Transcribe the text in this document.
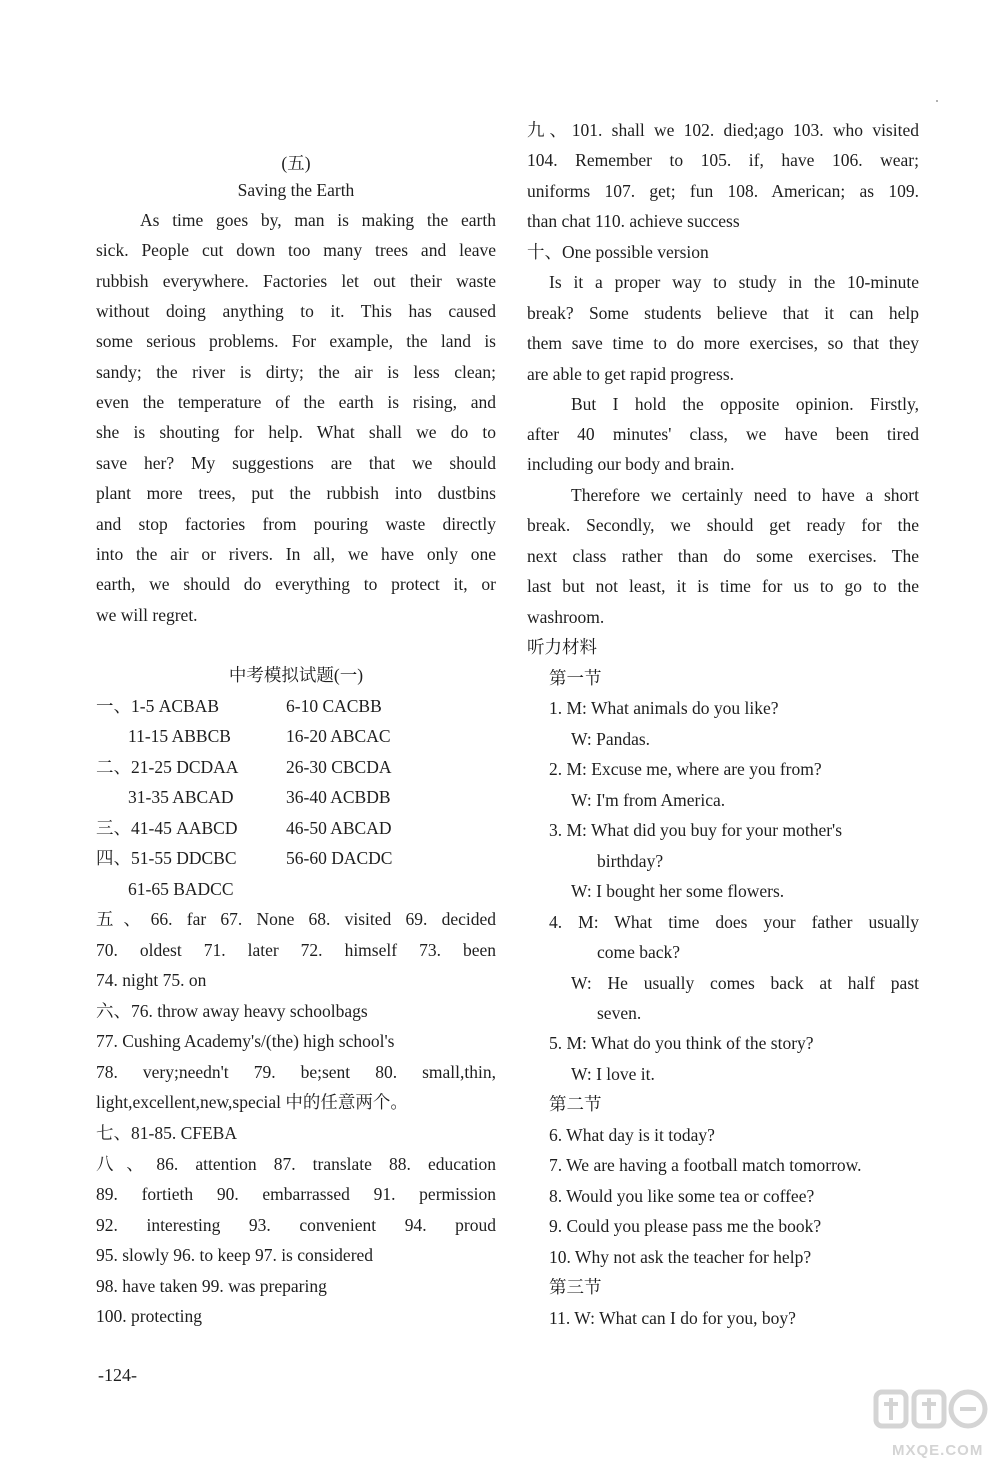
(五)
Saving the Earth
As time goes by, man is making the earth
sick. People cut down too many trees and leave
rubbish everywhere. Factories let out their waste
without doing anything to it. This has caused
some serious problems. For example, the land is
sandy; the river is dirty; the air is less clean;
even the temperature of the earth is rising, and
she is shouting for help. What shall we do to
save her? My suggestions are that we should
plant more trees, put the rubbish into dustbins
and stop factories from pouring waste directly
into the air or rivers. In all, we have only one
earth, we should do everything to protect it, or
we will regret.
中考模拟试题(一)
一、1-5 ACBAB	6-10 CACBB
11-15 ABBCB	16-20 ABCAC
二、21-25 DCDAA	26-30 CBCDA
31-35 ABCAD	36-40 ACBDB
三、41-45 AABCD	46-50 ABCAD
四、51-55 DDCBC	56-60 DACDC
61-65 BADCC
五、66. far 67. None 68. visited 69. decided
70. oldest 71. later 72. himself 73. been
74. night 75. on
六、76. throw away heavy schoolbags
77. Cushing Academy's/(the) high school's
78. very;needn't 79. be;sent 80. small,thin,
light,excellent,new,special 中的任意两个。
七、81-85. CFEBA
八、86. attention 87. translate 88. education
89. fortieth 90. embarrassed 91. permission
92. interesting 93. convenient 94. proud
95. slowly 96. to keep 97. is considered
98. have taken 99. was preparing
100. protecting
-124-
九、101. shall we 102. died;ago 103. who visited
104. Remember to 105. if, have 106. wear;
uniforms 107. get; fun 108. American; as 109.
than chat 110. achieve success
十、One possible version
Is it a proper way to study in the 10-minute
break? Some students believe that it can help
them save time to do more exercises, so that they
are able to get rapid progress.
But I hold the opposite opinion. Firstly,
after 40 minutes' class, we have been tired
including our body and brain.
Therefore we certainly need to have a short
break. Secondly, we should get ready for the
next class rather than do some exercises. The
last but not least, it is time for us to go to the
washroom.
听力材料
第一节
1. M: What animals do you like?
W: Pandas.
2. M: Excuse me, where are you from?
W: I'm from America.
3. M: What did you buy for your mother's
birthday?
W: I bought her some flowers.
4. M: What time does your father usually
come back?
W: He usually comes back at half past
seven.
5. M: What do you think of the story?
W: I love it.
第二节
6. What day is it today?
7. We are having a football match tomorrow.
8. Would you like some tea or coffee?
9. Could you please pass me the book?
10. Why not ask the teacher for help?
第三节
11. W: What can I do for you, boy?
MXQE.COM
